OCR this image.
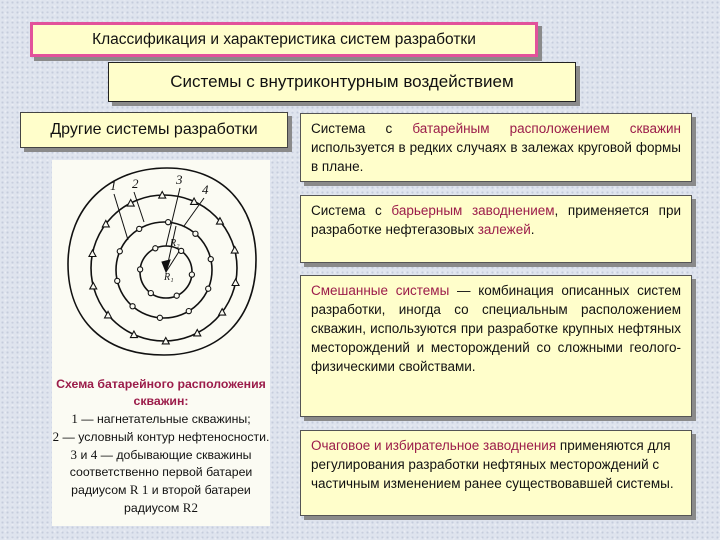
Классификация и характеристика систем разработки
Системы с внутриконтурным воздействием
Другие системы разработки
1 2	3
4
R₂
R₁
Схема батарейного расположения скважин:
1 — нагнетательные скважины;
2 — условный контур нефтеносности. 3 и 4 — добывающие скважины соответственно первой батареи радиусом R 1 и второй батареи радиусом R2
Система с батарейным расположением скважин используется в редких случаях в залежах круговой формы в плане.
Система с барьерным заводнением, применяется при разработке нефтегазовых залежей.
Смешанные системы — комбинация описанных систем разработки, иногда со специальным расположением скважин, используются при разработке крупных нефтяных месторождений и месторождений со сложными геолого-физическими свойствами.
Очаговое и избирательное заводнения применяются для регулирования разработки нефтяных месторождений с частичным изменением ранее существовавшей системы.
